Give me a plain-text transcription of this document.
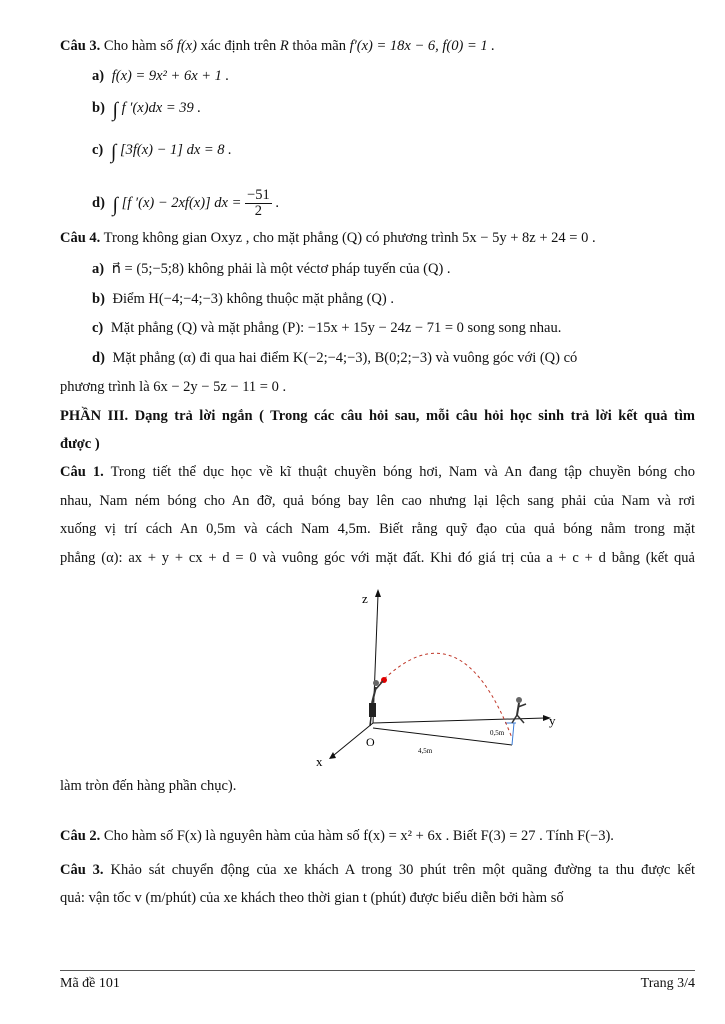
Câu 3. Cho hàm số f(x) xác định trên R thỏa mãn f′(x) = 18x − 6, f(0) = 1 .
a) f(x) = 9x² + 6x + 1 .
b) ∫ f ′(x)dx = 39 .
c) ∫ [3f(x) − 1] dx = 8 .
d) ∫ [f ′(x) − 2xf(x)] dx = $\frac{-51}{2}$ .
Câu 4. Trong không gian Oxyz , cho mặt phẳng (Q) có phương trình 5x − 5y + 8z + 24 = 0 .
a) n⃗ = (5;−5;8) không phải là một véctơ pháp tuyến của (Q) .
b) Điểm H(−4;−4;−3) không thuộc mặt phẳng (Q) .
c) Mặt phẳng (Q) và mặt phẳng (P): −15x + 15y − 24z − 71 = 0 song song nhau.
d) Mặt phẳng (α) đi qua hai điểm K(−2;−4;−3), B(0;2;−3) và vuông góc với (Q) có
phương trình là 6x − 2y − 5z − 11 = 0 .
PHẦN III. Dạng trả lời ngắn ( Trong các câu hỏi sau, mỗi câu hỏi học sinh trả lời kết quả tìm
được )
Câu 1. Trong tiết thể dục học về kĩ thuật chuyền bóng hơi, Nam và An đang tập chuyền bóng cho
nhau, Nam ném bóng cho An đỡ, quả bóng bay lên cao nhưng lại lệch sang phải của Nam và rơi
xuống vị trí cách An 0,5m và cách Nam 4,5m. Biết rằng quỹ đạo của quả bóng nằm trong mặt
phẳng (α): ax + y + cx + d = 0 và vuông góc với mặt đất. Khi đó giá trị của a + c + d bằng (kết quả
z
y
x
O
0,5m
4,5m
làm tròn đến hàng phần chục).
Câu 2. Cho hàm số F(x) là nguyên hàm của hàm số f(x) = x² + 6x . Biết F(3) = 27 . Tính F(−3).
Câu 3. Khảo sát chuyển động của xe khách A trong 30 phút trên một quãng đường ta thu được kết
quả: vận tốc v (m/phút) của xe khách theo thời gian t (phút) được biểu diễn bởi hàm số
Mã đề 101	Trang 3/4
